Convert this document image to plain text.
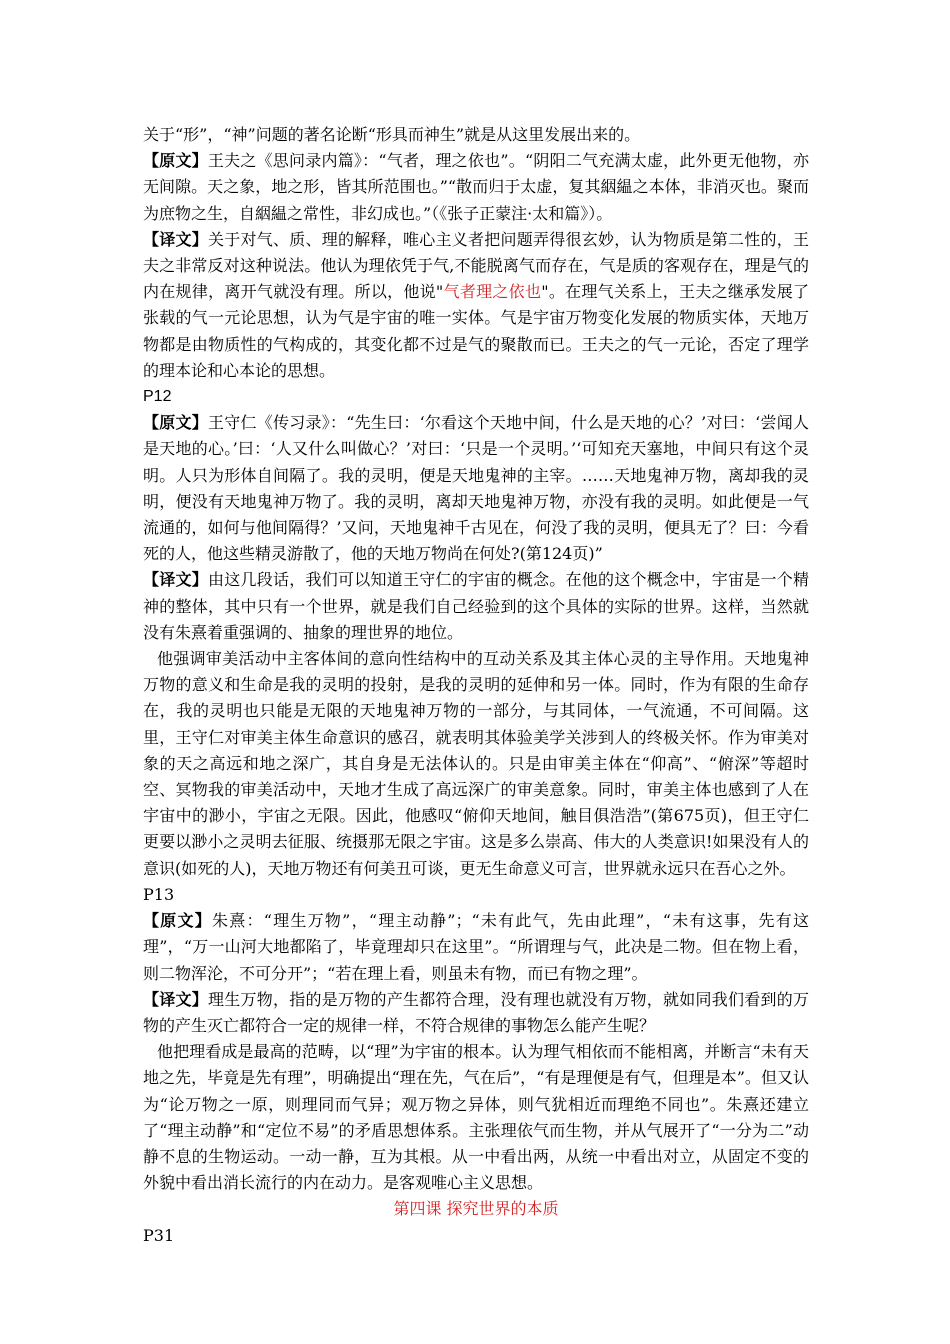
关于“形”，“神”问题的著名论断“形具而神生”就是从这里发展出来的。

【原文】王夫之《思问录内篇》：“气者，理之依也”。“阴阳二气充满太虚，此外更无他物，亦无间隙。天之象，地之形，皆其所范围也。”“散而归于太虚，复其絪緼之本体，非消灭也。聚而为庶物之生，自絪緼之常性，非幻成也。”（《张子正蒙注·太和篇》）。

【译文】关于对气、质、理的解释，唯心主义者把问题弄得很玄妙，认为物质是第二性的，王夫之非常反对这种说法。他认为理依凭于气,不能脱离气而存在，气是质的客观存在，理是气的内在规律，离开气就没有理。所以，他说"气者理之依也"。在理气关系上，王夫之继承发展了张载的气一元论思想，认为气是宇宙的唯一实体。气是宇宙万物变化发展的物质实体，天地万物都是由物质性的气构成的，其变化都不过是气的聚散而已。王夫之的气一元论，否定了理学的理本论和心本论的思想。

P12

【原文】王守仁《传习录》：“先生曰：‘尔看这个天地中间，什么是天地的心？’对曰：‘尝闻人是天地的心。’曰：‘人又什么叫做心？’对曰：‘只是一个灵明。’‘可知充天塞地，中间只有这个灵明。人只为形体自间隔了。我的灵明，便是天地鬼神的主宰。……天地鬼神万物，离却我的灵明，便没有天地鬼神万物了。我的灵明，离却天地鬼神万物，亦没有我的灵明。如此便是一气流通的，如何与他间隔得？’又问，天地鬼神千古见在，何没了我的灵明，便具无了？曰：今看死的人，他这些精灵游散了，他的天地万物尚在何处?(第124页)”

【译文】由这几段话，我们可以知道王守仁的宇宙的概念。在他的这个概念中，宇宙是一个精神的整体，其中只有一个世界，就是我们自己经验到的这个具体的实际的世界。这样，当然就没有朱熹着重强调的、抽象的理世界的地位。

他强调审美活动中主客体间的意向性结构中的互动关系及其主体心灵的主导作用。天地鬼神万物的意义和生命是我的灵明的投射，是我的灵明的延伸和另一体。同时，作为有限的生命存在，我的灵明也只能是无限的天地鬼神万物的一部分，与其同体，一气流通，不可间隔。这里，王守仁对审美主体生命意识的感召，就表明其体验美学关涉到人的终极关怀。作为审美对象的天之高远和地之深广，其自身是无法体认的。只是由审美主体在“仰高”、“俯深”等超时空、冥物我的审美活动中，天地才生成了高远深广的审美意象。同时，审美主体也感到了人在宇宙中的渺小，宇宙之无限。因此，他感叹“俯仰天地间，触目俱浩浩”(第675页)，但王守仁更要以渺小之灵明去征服、统摄那无限之宇宙。这是多么崇高、伟大的人类意识!如果没有人的意识(如死的人)，天地万物还有何美丑可谈，更无生命意义可言，世界就永远只在吾心之外。

P13

【原文】朱熹：“理生万物”，“理主动静”；“未有此气，先由此理”，“未有这事，先有这理”，“万一山河大地都陷了，毕竟理却只在这里”。“所谓理与气，此决是二物。但在物上看，则二物浑沦，不可分开”；“若在理上看，则虽未有物，而已有物之理”。

【译文】理生万物，指的是万物的产生都符合理，没有理也就没有万物，就如同我们看到的万物的产生灭亡都符合一定的规律一样，不符合规律的事物怎么能产生呢？

他把理看成是最高的范畴，以“理”为宇宙的根本。认为理气相依而不能相离，并断言“未有天地之先，毕竟是先有理”，明确提出“理在先，气在后”，“有是理便是有气，但理是本”。但又认为“论万物之一原，则理同而气异；观万物之异体，则气犹相近而理绝不同也”。朱熹还建立了“理主动静”和“定位不易”的矛盾思想体系。主张理依气而生物，并从气展开了“一分为二”动静不息的生物运动。一动一静，互为其根。从一中看出两，从统一中看出对立，从固定不变的外貌中看出消长流行的内在动力。是客观唯心主义思想。

第四课 探究世界的本质

P31
